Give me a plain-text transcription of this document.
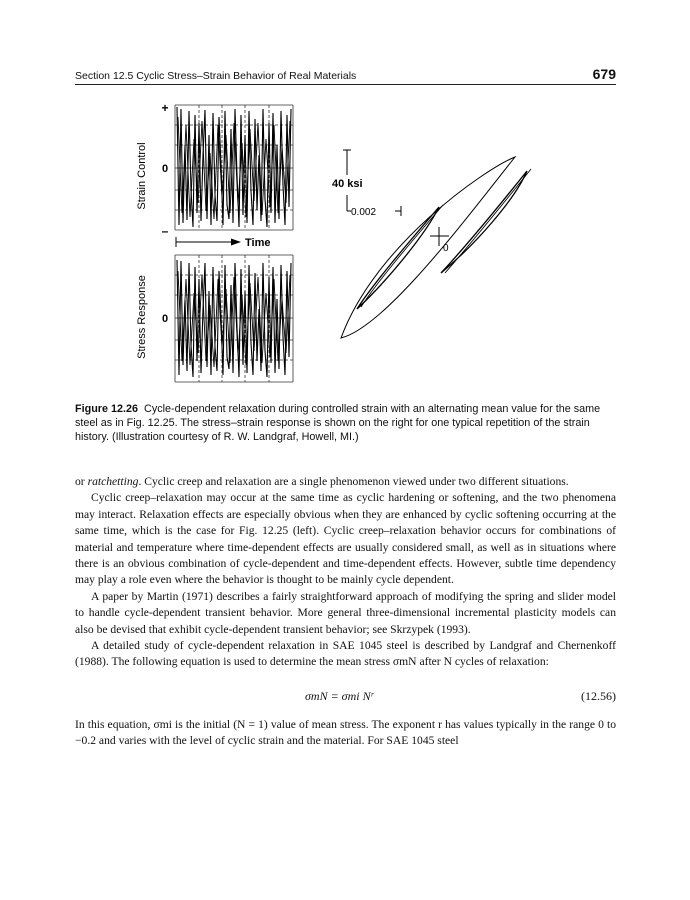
Section 12.5 Cyclic Stress–Strain Behavior of Real Materials	679
Strain Control
+
0
–
Time
Stress Response 0
40 ksi
0.002
0

Figure 12.26 Cycle-dependent relaxation during controlled strain with an alternating mean value for the same steel as in Fig. 12.25. The stress–strain response is shown on the right for one typical repetition of the strain history. (Illustration courtesy of R. W. Landgraf, Howell, MI.)

or ratchetting. Cyclic creep and relaxation are a single phenomenon viewed under two different situations.

Cyclic creep–relaxation may occur at the same time as cyclic hardening or softening, and the two phenomena may interact. Relaxation effects are especially obvious when they are enhanced by cyclic softening occurring at the same time, which is the case for Fig. 12.25 (left). Cyclic creep–relaxation behavior occurs for combinations of material and temperature where time-dependent effects are usually considered small, as well as in situations where there is an obvious combination of cycle-dependent and time-dependent effects. However, subtle time dependency may play a role even where the behavior is thought to be mainly cycle dependent.

A paper by Martin (1971) describes a fairly straightforward approach of modifying the spring and slider model to handle cycle-dependent transient behavior. More general three-dimensional incremental plasticity models can also be devised that exhibit cycle-dependent transient behavior; see Skrzypek (1993).

A detailed study of cycle-dependent relaxation in SAE 1045 steel is described by Landgraf and Chernenkoff (1988). The following equation is used to determine the mean stress σmN after N cycles of relaxation:

σmN = σmi Nʳ	(12.56)

In this equation, σmi is the initial (N = 1) value of mean stress. The exponent r has values typically in the range 0 to −0.2 and varies with the level of cyclic strain and the material. For SAE 1045 steel
